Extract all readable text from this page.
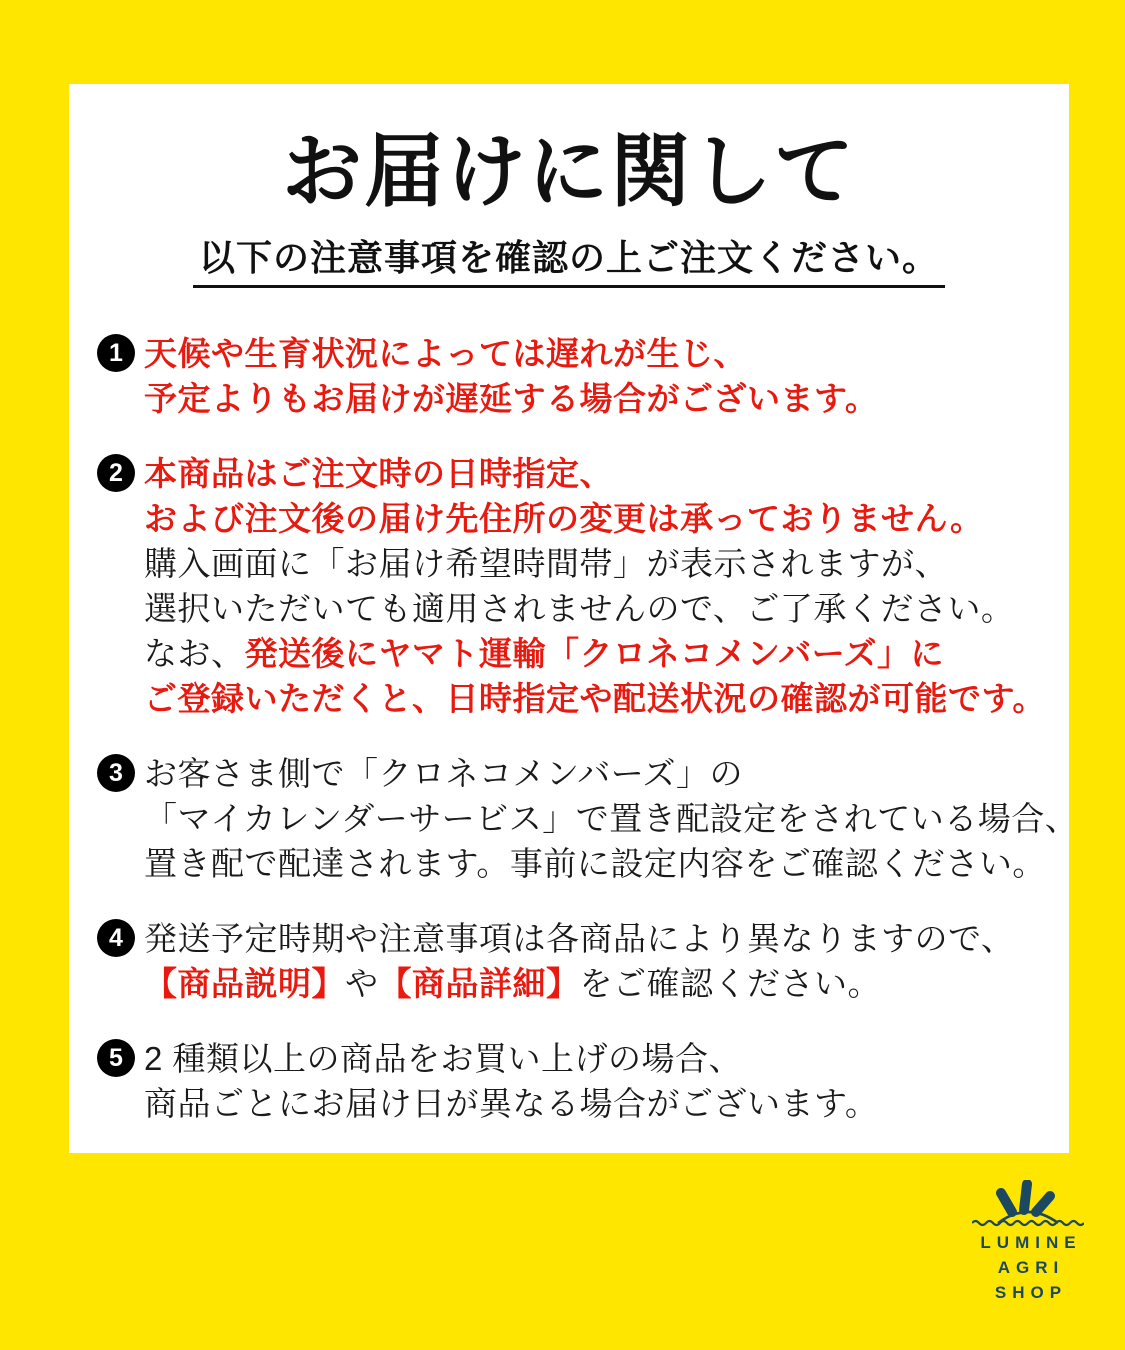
お届けに関して
以下の注意事項を確認の上ご注文ください。
1 天候や生育状況によっては遅れが生じ、
予定よりもお届けが遅延する場合がございます。
2 本商品はご注文時の日時指定、
および注文後の届け先住所の変更は承っておりません。
購入画面に「お届け希望時間帯」が表示されますが、
選択いただいても適用されませんので、ご了承ください。
なお、発送後にヤマト運輸「クロネコメンバーズ」に
ご登録いただくと、日時指定や配送状況の確認が可能です。
3 お客さま側で「クロネコメンバーズ」の
「マイカレンダーサービス」で置き配設定をされている場合、
置き配で配達されます。事前に設定内容をご確認ください。
4 発送予定時期や注意事項は各商品により異なりますので、
【商品説明】や【商品詳細】をご確認ください。
5 2 種類以上の商品をお買い上げの場合、
商品ごとにお届け日が異なる場合がございます。
LUMINE
AGRI
SHOP
